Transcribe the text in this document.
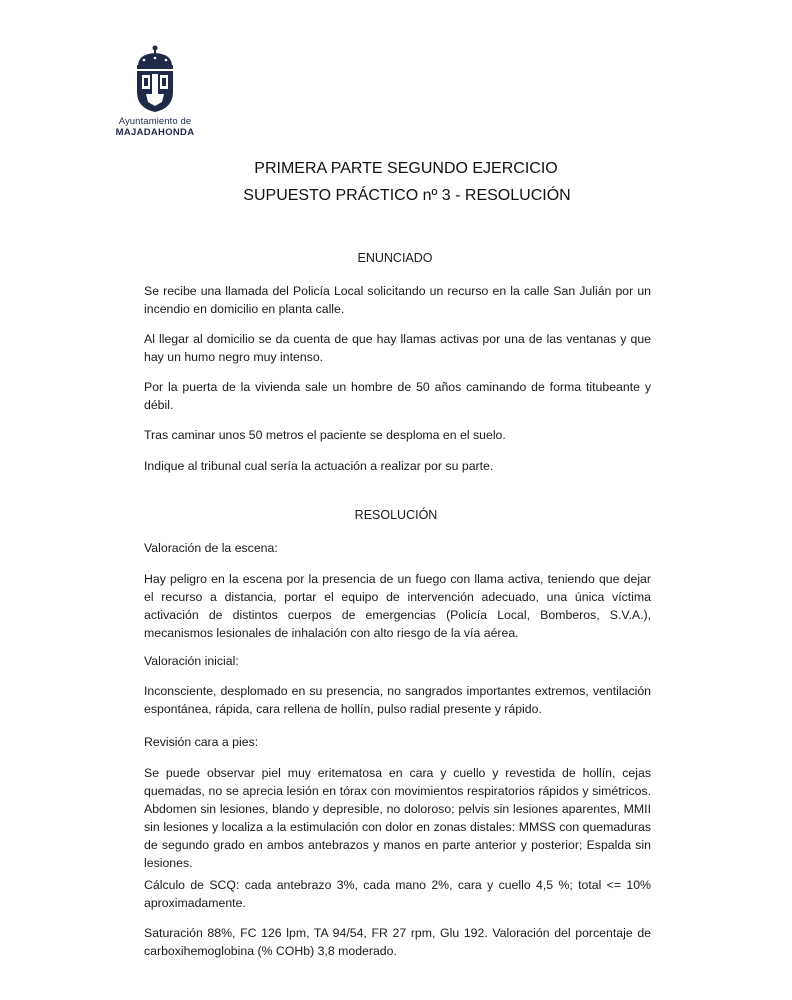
Ayuntamiento de
MAJADAHONDA
PRIMERA PARTE SEGUNDO EJERCICIO
SUPUESTO PRÁCTICO nº 3 - RESOLUCIÓN
ENUNCIADO
Se recibe una llamada del Policía Local solicitando un recurso en la calle San Julián por un incendio en domicilio en planta calle.
Al llegar al domicilio se da cuenta de que hay llamas activas por una de las ventanas y que hay un humo negro muy intenso.
Por la puerta de la vivienda sale un hombre de 50 años caminando de forma titubeante y débil.
Tras caminar unos 50 metros el paciente se desploma en el suelo.
Indique al tribunal cual sería la actuación a realizar por su parte.
RESOLUCIÓN
Valoración de la escena:
Hay peligro en la escena por la presencia de un fuego con llama activa, teniendo que dejar el recurso a distancia, portar el equipo de intervención adecuado, una única víctima activación de distintos cuerpos de emergencias (Policía Local, Bomberos, S.V.A.), mecanismos lesionales de inhalación con alto riesgo de la vía aérea.
Valoración inicial:
Inconsciente, desplomado en su presencia, no sangrados importantes extremos, ventilación espontánea, rápida, cara rellena de hollín, pulso radial presente y rápido.
Revisión cara a pies:
Se puede observar piel muy eritematosa en cara y cuello y revestida de hollín, cejas quemadas, no se aprecia lesión en tórax con movimientos respiratorios rápidos y simétricos. Abdomen sin lesiones, blando y depresible, no doloroso; pelvis sin lesiones aparentes, MMII sin lesiones y localiza a la estimulación con dolor en zonas distales: MMSS con quemaduras de segundo grado en ambos antebrazos y manos en parte anterior y posterior; Espalda sin lesiones.
Cálculo de SCQ: cada antebrazo 3%, cada mano 2%, cara y cuello 4,5 %; total <= 10% aproximadamente.
Saturación 88%, FC 126 lpm, TA 94/54, FR 27 rpm, Glu 192. Valoración del porcentaje de carboxihemoglobina (% COHb) 3,8 moderado.
